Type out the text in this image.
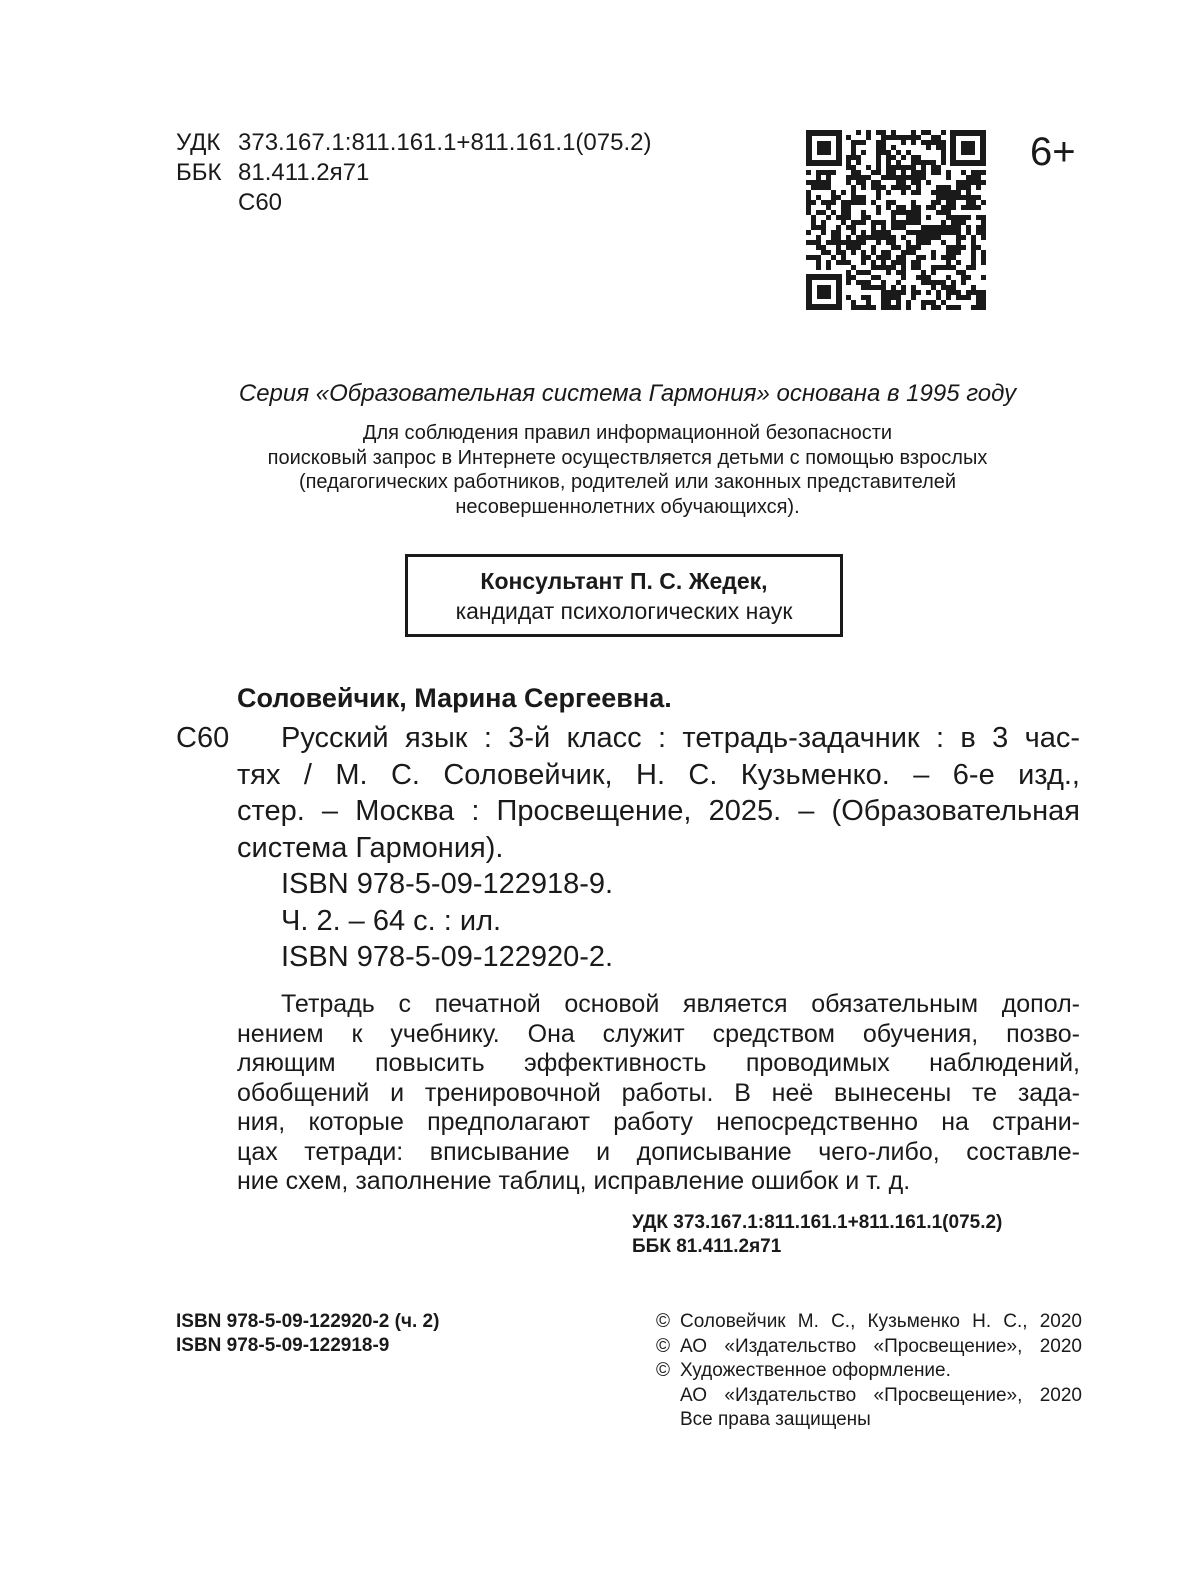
УДК 373.167.1:811.161.1+811.161.1(075.2)
ББК 81.411.2я71
С60
6+
Серия «Образовательная система Гармония» основана в 1995 году
Для соблюдения правил информационной безопасности
поисковый запрос в Интернете осуществляется детьми с помощью взрослых
(педагогических работников, родителей или законных представителей
несовершеннолетних обучающихся).
Консультант П. С. Жедек,
кандидат психологических наук
Соловейчик, Марина Сергеевна.
С60	Русский язык : 3-й класс : тетрадь-задачник : в 3 час-
тях / М. С. Соловейчик, Н. С. Кузьменко. – 6-е изд.,
стер. – Москва : Просвещение, 2025. – (Образовательная
система Гармония).
ISBN 978-5-09-122918-9.
Ч. 2. – 64 с. : ил.
ISBN 978-5-09-122920-2.
Тетрадь с печатной основой является обязательным допол-
нением к учебнику. Она служит средством обучения, позво-
ляющим повысить эффективность проводимых наблюдений,
обобщений и тренировочной работы. В неё вынесены те зада-
ния, которые предполагают работу непосредственно на страни-
цах тетради: вписывание и дописывание чего-либо, составле-
ние схем, заполнение таблиц, исправление ошибок и т. д.
УДК 373.167.1:811.161.1+811.161.1(075.2)
ББК 81.411.2я71
ISBN 978-5-09-122920-2 (ч. 2)
ISBN 978-5-09-122918-9
© Соловейчик М. С., Кузьменко Н. С., 2020
© АО «Издательство «Просвещение», 2020
© Художественное оформление.
АО «Издательство «Просвещение», 2020
Все права защищены
